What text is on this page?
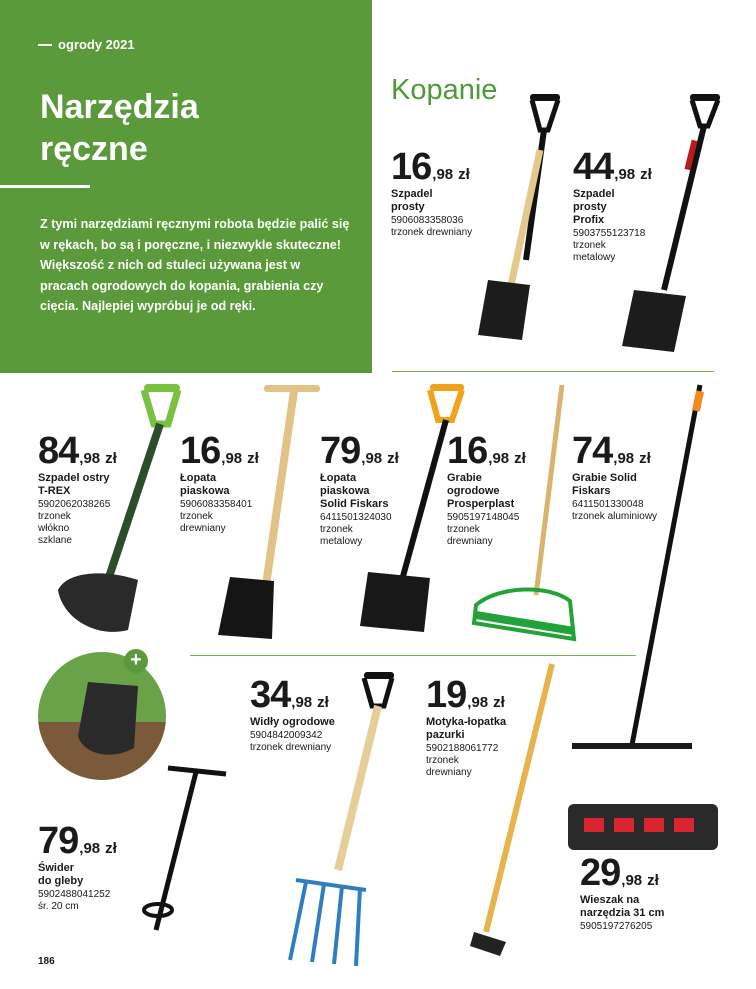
ogrody 2021
Narzędzia
ręczne

Z tymi narzędziami ręcznymi robota będzie palić się w rękach, bo są i poręczne, i niezwykle skuteczne! Większość z nich od stuleci używana jest w pracach ogrodowych do kopania, grabienia czy cięcia. Najlepiej wypróbuj je od ręki.

Kopanie
+
16 ,98 zł
Szpadel
prosty
5906083358036
trzonek drewniany
44 ,98 zł
Szpadel
prosty
Profix
5903755123718
trzonek
metalowy
84 ,98 zł
Szpadel ostry
T-REX
5902062038265
trzonek
włókno
szklane
16 ,98 zł
Łopata
piaskowa
5906083358401
trzonek
drewniany
79 ,98 zł
Łopata
piaskowa
Solid Fiskars
6411501324030
trzonek
metalowy
16 ,98 zł
Grabie
ogrodowe
Prosperplast
5905197148045
trzonek
drewniany
74 ,98 zł
Grabie Solid
Fiskars
6411501330048
trzonek aluminiowy
34 ,98 zł
Widły ogrodowe
5904842009342
trzonek drewniany
19 ,98 zł
Motyka-łopatka
pazurki
5902188061772
trzonek
drewniany
79 ,98 zł
Świder
do gleby
5902488041252
śr. 20 cm
29 ,98 zł
Wieszak na
narzędzia 31 cm
5905197276205
186
